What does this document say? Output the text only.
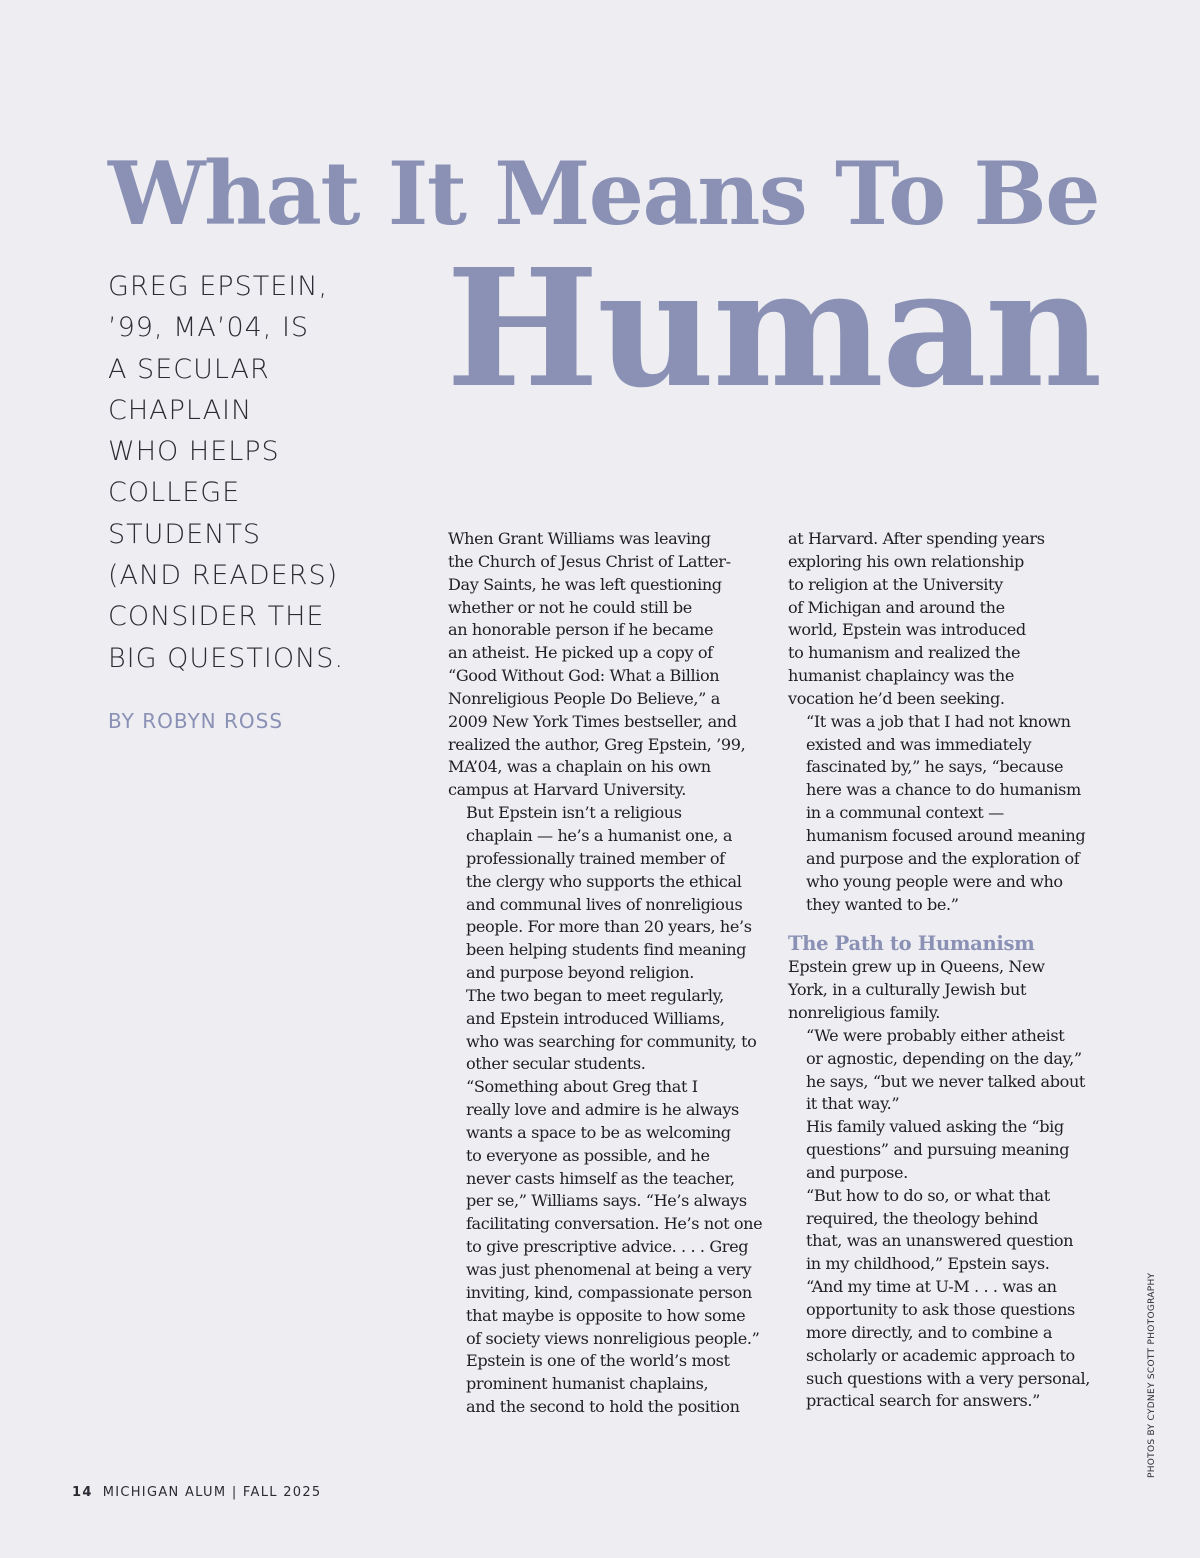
What It Means To Be
Human
GREG EPSTEIN,
’99, MA’04, IS
A SECULAR
CHAPLAIN
WHO HELPS
COLLEGE
STUDENTS
(AND READERS)
CONSIDER THE
BIG QUESTIONS.
BY ROBYN ROSS

When Grant Williams was leaving
the Church of Jesus Christ of Latter-
Day Saints, he was left questioning
whether or not he could still be
an honorable person if he became
an atheist. He picked up a copy of
“Good Without God: What a Billion
Nonreligious People Do Believe,” a
2009 New York Times bestseller, and
realized the author, Greg Epstein, ’99,
MA’04, was a chaplain on his own
campus at Harvard University.

But Epstein isn’t a religious
chaplain — he’s a humanist one, a
professionally trained member of
the clergy who supports the ethical
and communal lives of nonreligious
people. For more than 20 years, he’s
been helping students find meaning
and purpose beyond religion.

The two began to meet regularly,
and Epstein introduced Williams,
who was searching for community, to
other secular students.

“Something about Greg that I
really love and admire is he always
wants a space to be as welcoming
to everyone as possible, and he
never casts himself as the teacher,
per se,” Williams says. “He’s always
facilitating conversation. He’s not one
to give prescriptive advice. . . . Greg
was just phenomenal at being a very
inviting, kind, compassionate person
that maybe is opposite to how some
of society views nonreligious people.”

Epstein is one of the world’s most
prominent humanist chaplains,
and the second to hold the position

at Harvard. After spending years
exploring his own relationship
to religion at the University
of Michigan and around the
world, Epstein was introduced
to humanism and realized the
humanist chaplaincy was the
vocation he’d been seeking.

“It was a job that I had not known
existed and was immediately
fascinated by,” he says, “because
here was a chance to do humanism
in a communal context —
humanism focused around meaning
and purpose and the exploration of
who young people were and who
they wanted to be.”

The Path to Humanism

Epstein grew up in Queens, New
York, in a culturally Jewish but
nonreligious family.

“We were probably either atheist
or agnostic, depending on the day,”
he says, “but we never talked about
it that way.”

His family valued asking the “big
questions” and pursuing meaning
and purpose.

“But how to do so, or what that
required, the theology behind
that, was an unanswered question
in my childhood,” Epstein says.
“And my time at U-M . . . was an
opportunity to ask those questions
more directly, and to combine a
scholarly or academic approach to
such questions with a very personal,
practical search for answers.”	PHOTOS BY CYDNEY SCOTT PHOTOGRAPHY
14 MICHIGAN ALUM | FALL 2025
